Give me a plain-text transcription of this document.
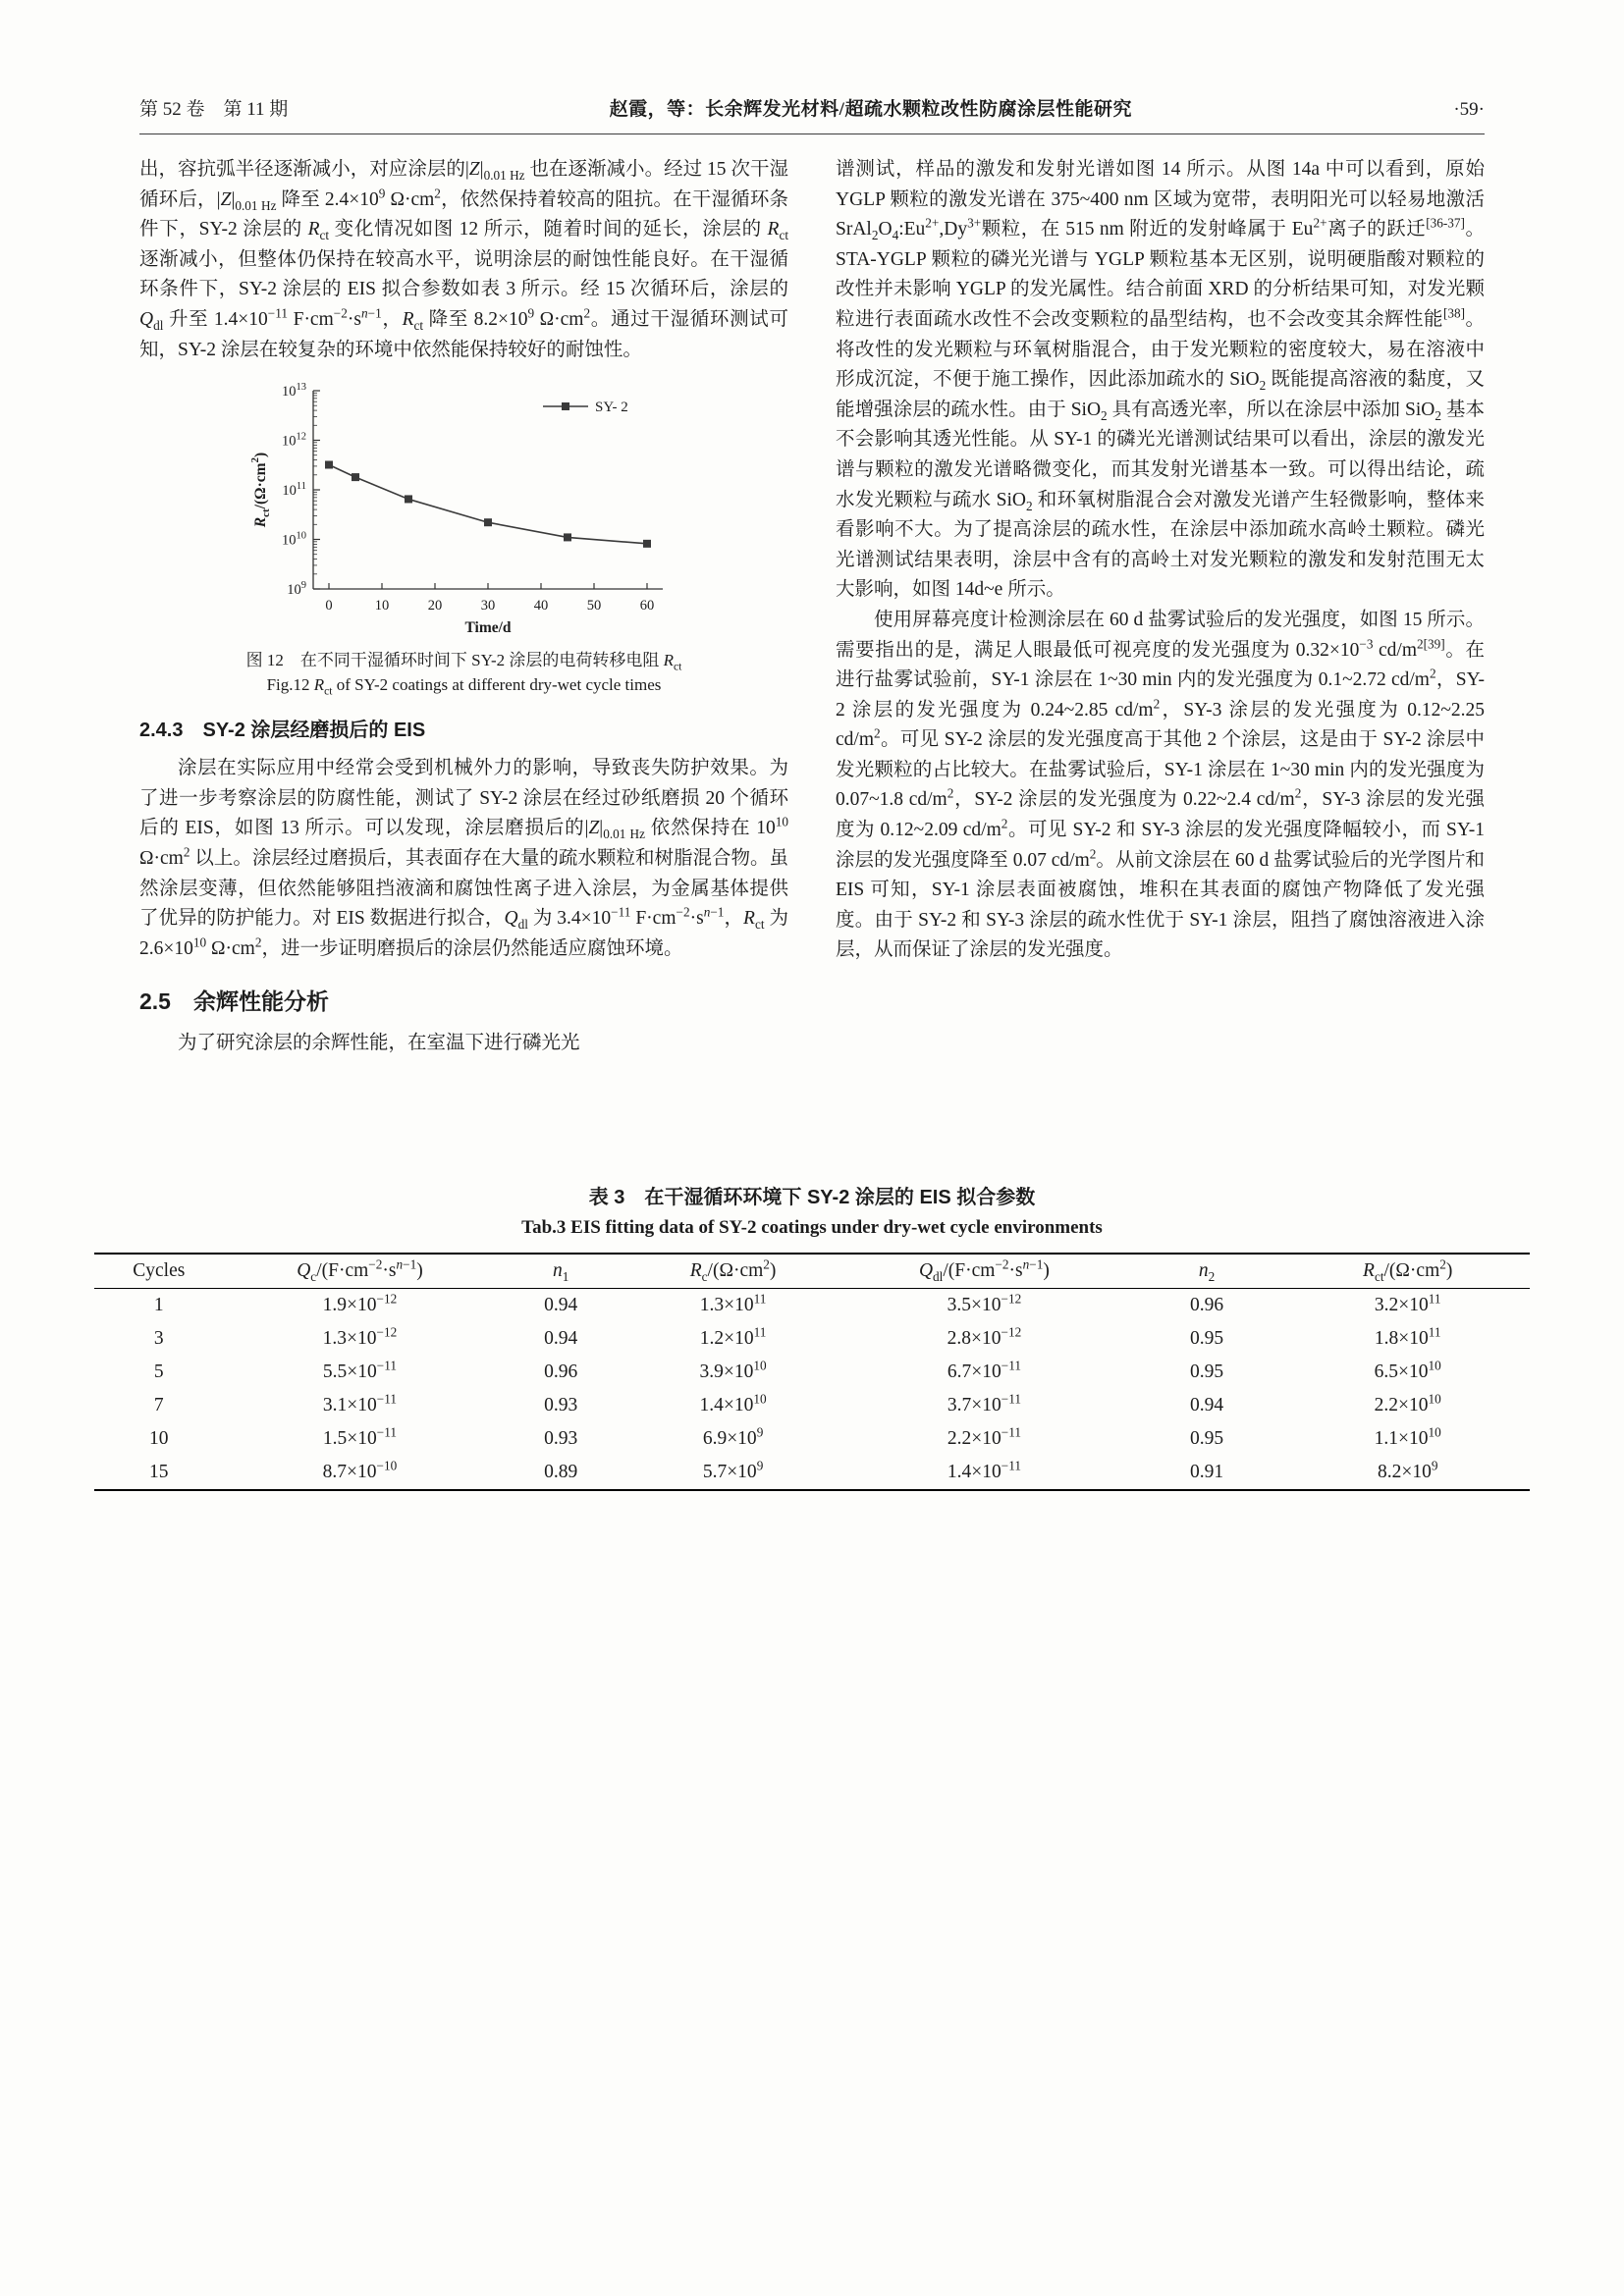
第 52 卷　第 11 期	赵霞，等：长余辉发光材料/超疏水颗粒改性防腐涂层性能研究	·59·

出，容抗弧半径逐渐减小，对应涂层的$|Z|_{0.01 Hz}$ 也在逐渐减小。经过 15 次干湿循环后，$|Z|_{0.01 Hz}$ 降至 $2.4\times 10^9$ $\Omega\cdot cm^2$，依然保持着较高的阻抗。在干湿循环条件下，SY-2 涂层的 $R_{ct}$ 变化情况如图 12 所示，随着时间的延长，涂层的 $R_{ct}$ 逐渐减小，但整体仍保持在较高水平，说明涂层的耐蚀性能良好。在干湿循环条件下，SY-2 涂层的 EIS 拟合参数如表 3 所示。经 15 次循环后，涂层的 $Q_{dl}$ 升至 $1.4\times 10^{-11}$ $F\cdot cm^{-2}\cdot s^{n-1}$，$R_{ct}$ 降至 $8.2\times 10^9$ $\Omega\cdot cm^2$。通过干湿循环测试可知，SY-2 涂层在较复杂的环境中依然能保持较好的耐蚀性。

$10^9$
$10^{10}$
$10^{11}$
$10^{12}$
$10^{13}$
0	10	20	30	40	50	60
SY- 2
Time/d
$R_{ct}^{/(\Omega\cdot cm2}_)$
图 12　在不同干湿循环时间下 SY-2 涂层的电荷转移电阻 $R_{ct}$
Fig.12 $R_{ct}$ of SY-2 coatings at different dry-wet cycle times
2.4.3　SY-2 涂层经磨损后的 EIS

涂层在实际应用中经常会受到机械外力的影响，导致丧失防护效果。为了进一步考察涂层的防腐性能，测试了 SY-2 涂层在经过砂纸磨损 20 个循环后的 EIS，如图 13 所示。可以发现，涂层磨损后的$|Z|_{0.01 Hz}$ 依然保持在 $10^{10}$ $\Omega\cdot cm^2$ 以上。涂层经过磨损后，其表面存在大量的疏水颗粒和树脂混合物。虽然涂层变薄，但依然能够阻挡液滴和腐蚀性离子进入涂层，为金属基体提供了优异的防护能力。对 EIS 数据进行拟合，$Q_{dl}$ 为 $3.4\times 10^{-11}$ $F\cdot cm^{-2}\cdot s^{n-1}$，$R_{ct}$ 为 $2.6\times 10^{10}$ $\Omega\cdot cm^2$，进一步证明磨损后的涂层仍然能适应腐蚀环境。

2.5　余辉性能分析

为了研究涂层的余辉性能，在室温下进行磷光光

谱测试，样品的激发和发射光谱如图 14 所示。从图 14a 中可以看到，原始 YGLP 颗粒的激发光谱在 375~400 nm 区域为宽带，表明阳光可以轻易地激活 $SrAl_2O_4:Eu^{2+},Dy^{3+}$颗粒，在 515 nm 附近的发射峰属于 $Eu^{2+}$离子的跃迁[36-37]。STA-YGLP 颗粒的磷光光谱与 YGLP 颗粒基本无区别，说明硬脂酸对颗粒的改性并未影响 YGLP 的发光属性。结合前面 XRD 的分析结果可知，对发光颗粒进行表面疏水改性不会改变颗粒的晶型结构，也不会改变其余辉性能[38]。将改性的发光颗粒与环氧树脂混合，由于发光颗粒的密度较大，易在溶液中形成沉淀，不便于施工操作，因此添加疏水的 SiO$_2$ 既能提高溶液的黏度，又能增强涂层的疏水性。由于 SiO$_2$ 具有高透光率，所以在涂层中添加 SiO$_2$ 基本不会影响其透光性能。从 SY-1 的磷光光谱测试结果可以看出，涂层的激发光谱与颗粒的激发光谱略微变化，而其发射光谱基本一致。可以得出结论，疏水发光颗粒与疏水 SiO$_2$ 和环氧树脂混合会对激发光谱产生轻微影响，整体来看影响不大。为了提高涂层的疏水性，在涂层中添加疏水高岭土颗粒。磷光光谱测试结果表明，涂层中含有的高岭土对发光颗粒的激发和发射范围无太大影响，如图 14d~e 所示。

使用屏幕亮度计检测涂层在 60 d 盐雾试验后的发光强度，如图 15 所示。需要指出的是，满足人眼最低可视亮度的发光强度为 $0.32\times 10^{-3}$ $cd/m^{2[39]}$。在进行盐雾试验前，SY-1 涂层在 1~30 min 内的发光强度为 0.1~2.72 $cd/m^2$，SY-2 涂层的发光强度为 0.24~2.85 $cd/m^2$，SY-3 涂层的发光强度为 0.12~2.25 $cd/m^2$。可见 SY-2 涂层的发光强度高于其他 2 个涂层，这是由于 SY-2 涂层中发光颗粒的占比较大。在盐雾试验后，SY-1 涂层在 1~30 min 内的发光强度为 0.07~1.8 $cd/m^2$，SY-2 涂层的发光强度为 0.22~2.4 $cd/m^2$，SY-3 涂层的发光强度为 0.12~2.09 $cd/m^2$。可见 SY-2 和 SY-3 涂层的发光强度降幅较小，而 SY-1 涂层的发光强度降至 0.07 $cd/m^2$。从前文涂层在 60 d 盐雾试验后的光学图片和 EIS 可知，SY-1 涂层表面被腐蚀，堆积在其表面的腐蚀产物降低了发光强度。由于 SY-2 和 SY-3 涂层的疏水性优于 SY-1 涂层，阻挡了腐蚀溶液进入涂层，从而保证了涂层的发光强度。

表 3　在干湿循环环境下 SY-2 涂层的 EIS 拟合参数
Tab.3 EIS fitting data of SY-2 coatings under dry-wet cycle environments
Cycles	$Q_c/(F\cdot cm^{-2}\cdot s^{n-1})$	$n_1$	$R_c/(\Omega\cdot cm^2)$	$Q_{dl}/(F\cdot cm^{-2}\cdot s^{n-1})$	$n_2$	$R_{ct}/(\Omega\cdot cm^2)$
1	$1.9\times 10^{-12}$	0.94	$1.3\times 10^{11}$	$3.5\times 10^{-12}$	0.96	$3.2\times 10^{11}$
3	$1.3\times 10^{-12}$	0.94	$1.2\times 10^{11}$	$2.8\times 10^{-12}$	0.95	$1.8\times 10^{11}$
5	$5.5\times 10^{-11}$	0.96	$3.9\times 10^{10}$	$6.7\times 10^{-11}$	0.95	$6.5\times 10^{10}$
7	$3.1\times 10^{-11}$	0.93	$1.4\times 10^{10}$	$3.7\times 10^{-11}$	0.94	$2.2\times 10^{10}$
10	$1.5\times 10^{-11}$	0.93	$6.9\times 10^9$	$2.2\times 10^{-11}$	0.95	$1.1\times 10^{10}$
15	$8.7\times 10^{-10}$	0.89	$5.7\times 10^9$	$1.4\times 10^{-11}$	0.91	$8.2\times 10^9$
